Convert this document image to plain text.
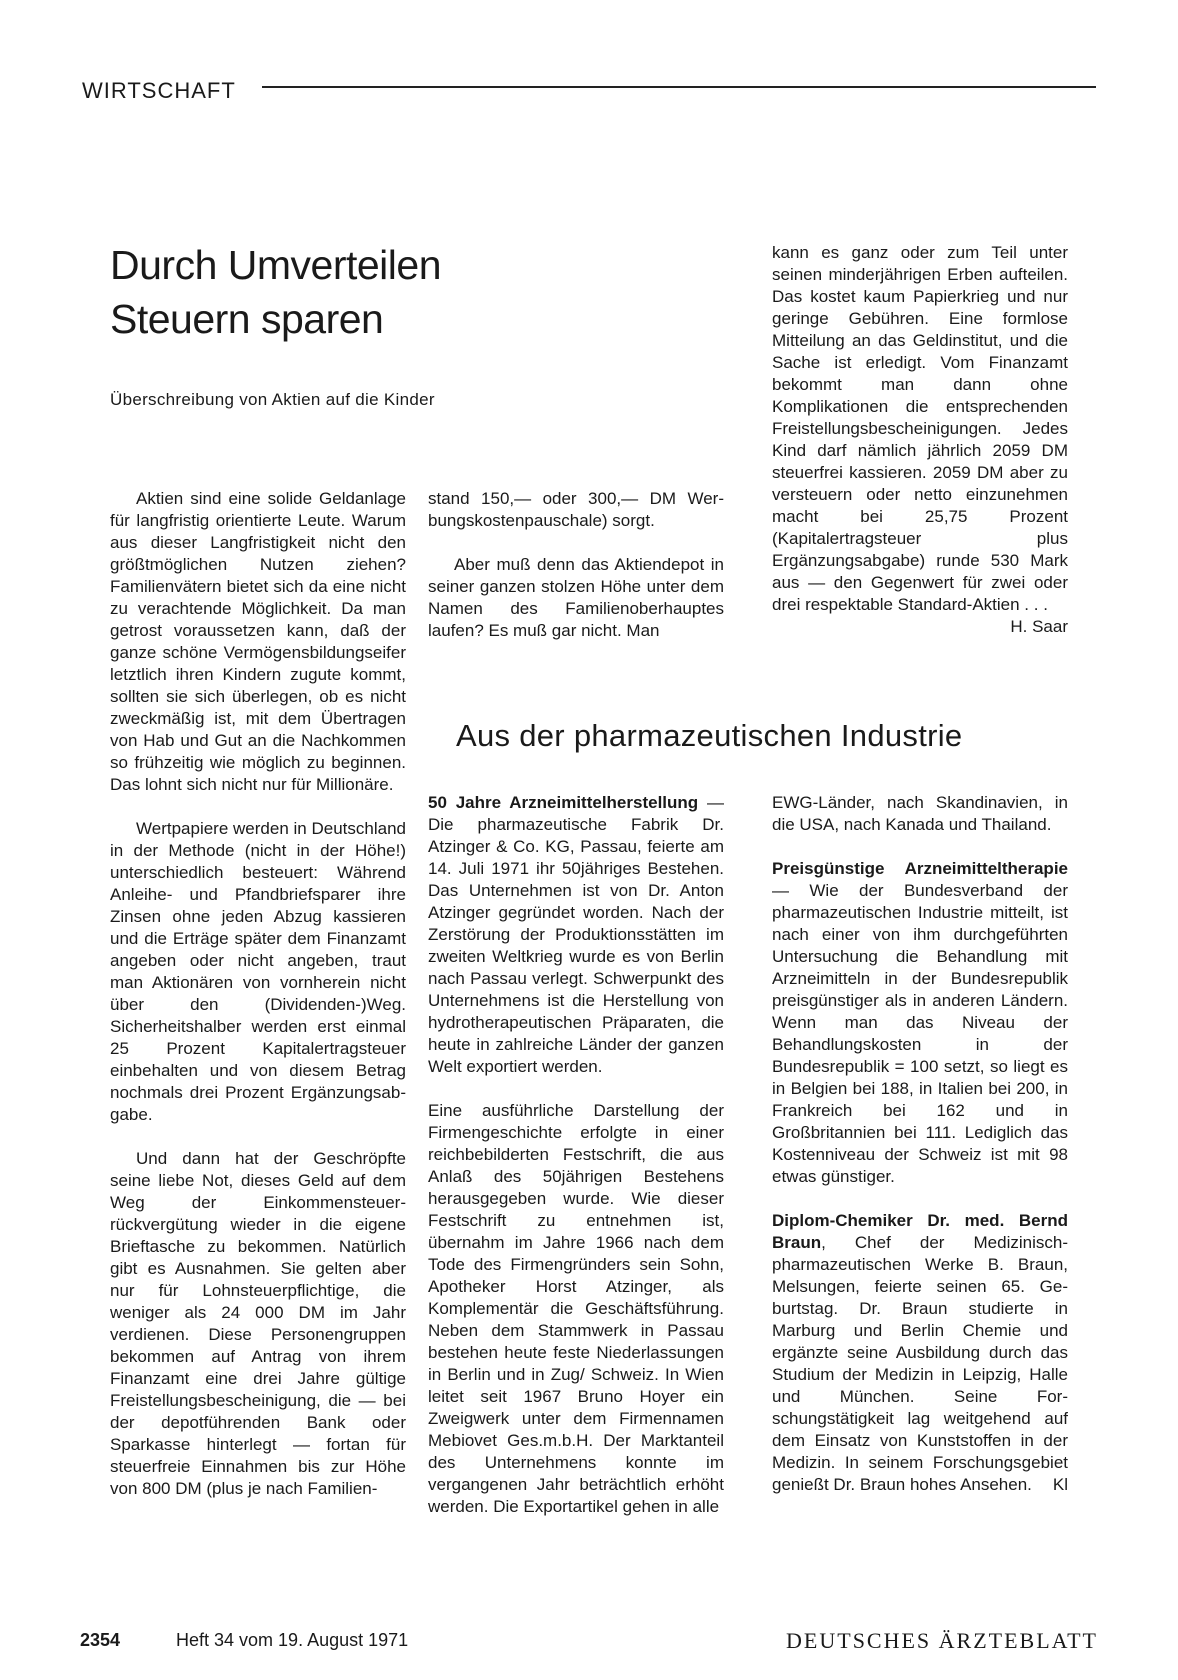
WIRTSCHAFT
Durch Umverteilen
Steuern sparen
Überschreibung von Aktien auf die Kinder

Aktien sind eine solide Geldanlage für langfristig orientierte Leute. Warum aus dieser Langfristigkeit nicht den größtmöglichen Nutzen ziehen? Familienvätern bietet sich da eine nicht zu verachtende Möglichkeit. Da man getrost voraussetzen kann, daß der ganze schöne Vermögensbildungseifer letztlich ihren Kindern zugute kommt, sollten sie sich überlegen, ob es nicht zweckmäßig ist, mit dem Übertragen von Hab und Gut an die Nachkommen so frühzeitig wie möglich zu beginnen. Das lohnt sich nicht nur für Millionäre.

Wertpapiere werden in Deutschland in der Methode (nicht in der Höhe!) unterschiedlich besteuert: Während Anleihe- und Pfandbriefsparer ihre Zinsen ohne jeden Abzug kassieren und die Erträge später dem Finanzamt angeben oder nicht angeben, traut man Aktionären von vornherein nicht über den (Dividenden-)Weg. Sicherheitshalber werden erst einmal 25 Prozent Kapitalertragsteuer einbehalten und von diesem Betrag nochmals drei Prozent Ergänzungsabgabe.

Und dann hat der Geschröpfte seine liebe Not, dieses Geld auf dem Weg der Einkommensteuerrückvergütung wieder in die eigene Brieftasche zu bekommen. Natürlich gibt es Ausnahmen. Sie gelten aber nur für Lohnsteuerpflichtige, die weniger als 24 000 DM im Jahr verdienen. Diese Personengruppen bekommen auf Antrag von ihrem Finanzamt eine drei Jahre gültige Freistellungsbescheinigung, die — bei der depotführenden Bank oder Sparkasse hinterlegt — fortan für steuerfreie Einnahmen bis zur Höhe von 800 DM (plus je nach Familien-

stand 150,— oder 300,— DM Werbungskostenpauschale) sorgt.

Aber muß denn das Aktiendepot in seiner ganzen stolzen Höhe unter dem Namen des Familienoberhauptes laufen? Es muß gar nicht. Man

kann es ganz oder zum Teil unter seinen minderjährigen Erben aufteilen. Das kostet kaum Papierkrieg und nur geringe Gebühren. Eine formlose Mitteilung an das Geldinstitut, und die Sache ist erledigt. Vom Finanzamt bekommt man dann ohne Komplikationen die entsprechenden Freistellungsbescheinigungen. Jedes Kind darf nämlich jährlich 2059 DM steuerfrei kassieren. 2059 DM aber zu versteuern oder netto einzunehmen macht bei 25,75 Prozent (Kapitalertragsteuer plus Ergänzungsabgabe) runde 530 Mark aus — den Gegenwert für zwei oder drei respektable Standard-Aktien . . .
H. Saar

Aus der pharmazeutischen Industrie

50 Jahre Arzneimittelherstellung — Die pharmazeutische Fabrik Dr. Atzinger & Co. KG, Passau, feierte am 14. Juli 1971 ihr 50jähriges Bestehen. Das Unternehmen ist von Dr. Anton Atzinger gegründet worden. Nach der Zerstörung der Produktionsstätten im zweiten Weltkrieg wurde es von Berlin nach Passau verlegt. Schwerpunkt des Unternehmens ist die Herstellung von hydrotherapeutischen Präparaten, die heute in zahlreiche Länder der ganzen Welt exportiert werden.

Eine ausführliche Darstellung der Firmengeschichte erfolgte in einer reichbebilderten Festschrift, die aus Anlaß des 50jährigen Bestehens herausgegeben wurde. Wie dieser Festschrift zu entnehmen ist, übernahm im Jahre 1966 nach dem Tode des Firmengründers sein Sohn, Apotheker Horst Atzinger, als Komplementär die Geschäftsführung. Neben dem Stammwerk in Passau bestehen heute feste Niederlassungen in Berlin und in Zug/ Schweiz. In Wien leitet seit 1967 Bruno Hoyer ein Zweigwerk unter dem Firmennamen Mebiovet Ges.m.b.H. Der Marktanteil des Unternehmens konnte im vergangenen Jahr beträchtlich erhöht werden. Die Exportartikel gehen in alle

EWG-Länder, nach Skandinavien, in die USA, nach Kanada und Thailand.

Preisgünstige Arzneimitteltherapie — Wie der Bundesverband der pharmazeutischen Industrie mitteilt, ist nach einer von ihm durchgeführten Untersuchung die Behandlung mit Arzneimitteln in der Bundesrepublik preisgünstiger als in anderen Ländern. Wenn man das Niveau der Behandlungskosten in der Bundesrepublik = 100 setzt, so liegt es in Belgien bei 188, in Italien bei 200, in Frankreich bei 162 und in Großbritannien bei 111. Lediglich das Kostenniveau der Schweiz ist mit 98 etwas günstiger.

Diplom-Chemiker Dr. med. Bernd Braun, Chef der Medizinischpharmazeutischen Werke B. Braun, Melsungen, feierte seinen 65. Geburtstag. Dr. Braun studierte in Marburg und Berlin Chemie und ergänzte seine Ausbildung durch das Studium der Medizin in Leipzig, Halle und München. Seine Forschungstätigkeit lag weitgehend auf dem Einsatz von Kunststoffen in der Medizin. In seinem Forschungsgebiet genießt Dr. Braun hohes Ansehen. Kl

2354	Heft 34 vom 19. August 1971	DEUTSCHES ÄRZTEBLATT
